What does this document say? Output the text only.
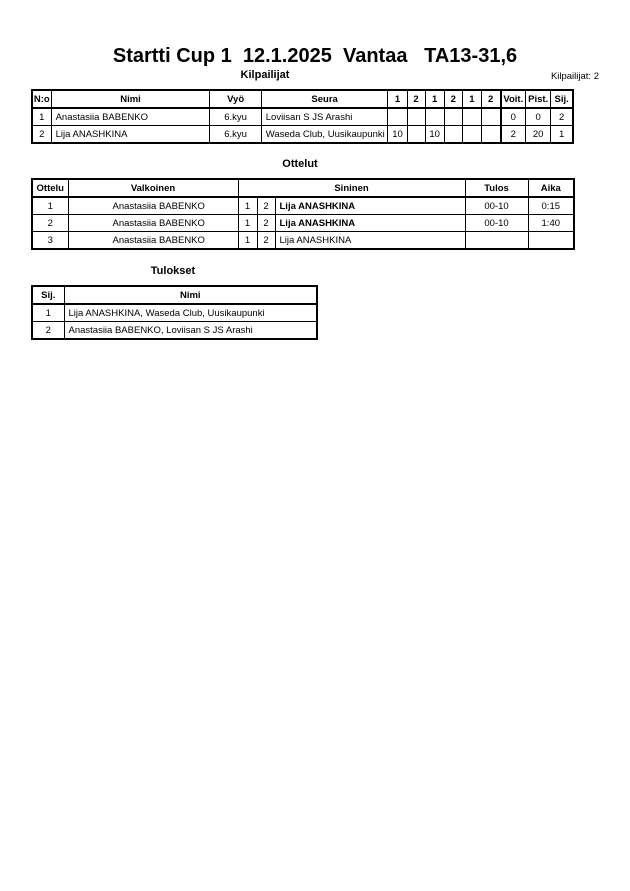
Startti Cup 1  12.1.2025  Vantaa   TA13-31,6
Kilpailijat	Kilpailijat: 2
N:o	Nimi	Vyö	Seura	1	2	1	2	1	2	Voit.	Pist.	Sij.
1	Anastasiia BABENKO	6.kyu	Loviisan S JS Arashi							0	0	2
2	Lija ANASHKINA	6.kyu	Waseda Club, Uusikaupunki	10		10				2	20	1
Ottelut
Ottelu	Valkoinen	Sininen			Tulos	Aika
1	Anastasiia BABENKO	1	2	Lija ANASHKINA	00-10	0:15
2	Anastasiia BABENKO	1	2	Lija ANASHKINA	00-10	1:40
3	Anastasiia BABENKO	1	2	Lija ANASHKINA		
Tulokset
Sij.	Nimi
1	Lija ANASHKINA, Waseda Club, Uusikaupunki
2	Anastasiia BABENKO, Loviisan S JS Arashi
